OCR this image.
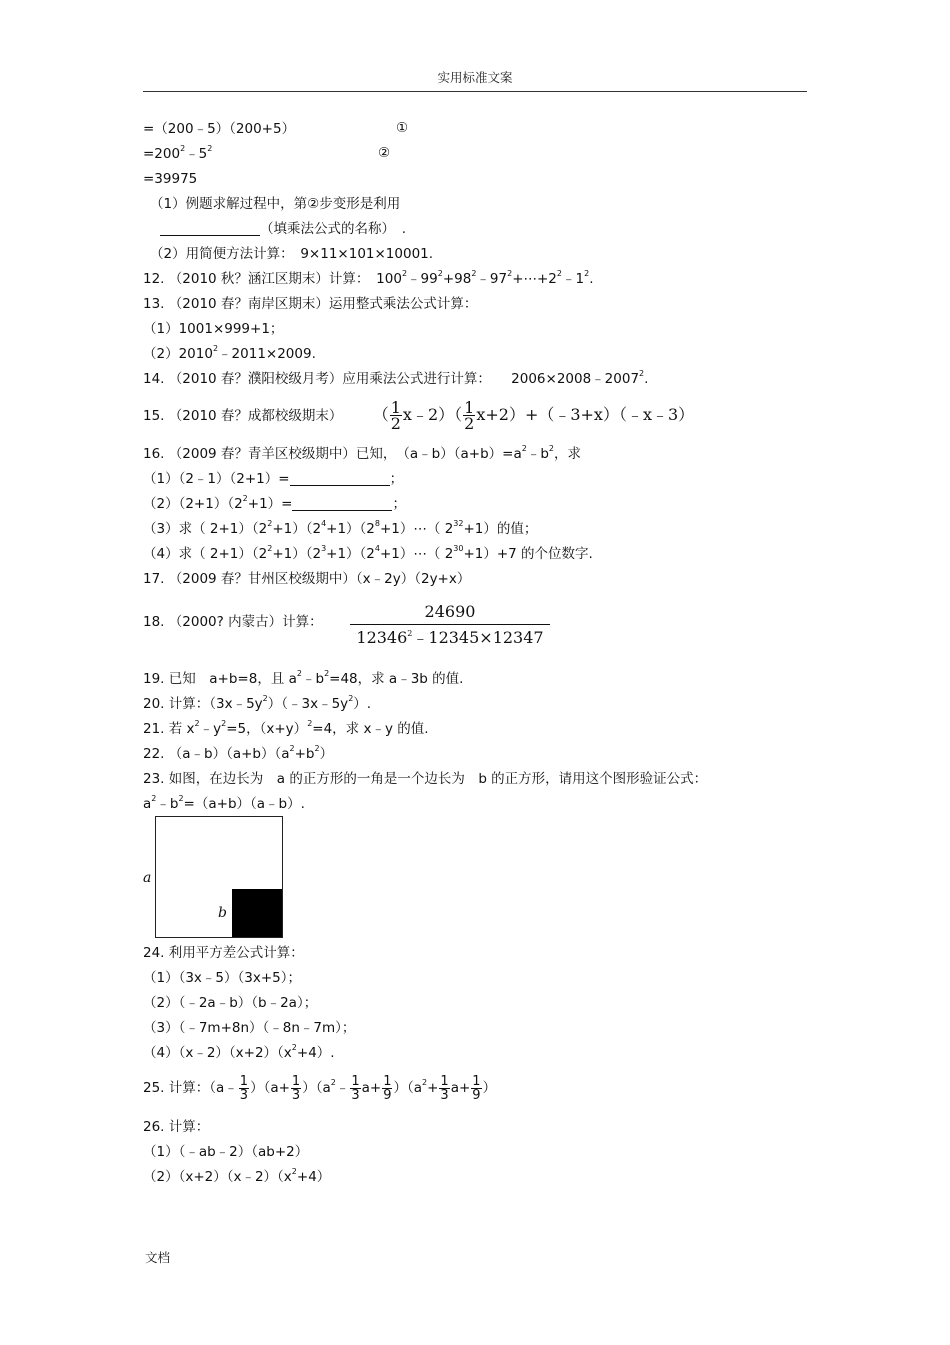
实用标准文案
=（200﹣5）（200+5）	①
$=200^2﹣5^2$	②
=39975
（1）例题求解过程中，第②步变形是利用
（填乘法公式的名称）　.
（2）用简便方法计算：　9×11×101×10001.
12. （2010 秋？涵江区期末）计算：　$100^2﹣99^2+98^2﹣97^2+\cdots+2^2﹣1^2$.
13. （2010 春？南岸区期末）运用整式乘法公式计算：
（1）1001×999+1；
$(2)2010^2﹣2011\times 2009$.
14. （2010 春？濮阳校级月考）应用乘法公式进行计算：　　$2006\times 2008﹣2007^2$.
15. （2010 春？成都校级期末） （ $\frac{1}{2}$ x﹣2）（ $\frac{1}{2}$ x+2）+（﹣3+x）（﹣x﹣3）
16. （2009 春？青羊区校级期中）已知，　$(a﹣b)(a+b)=a^2﹣b^2$，求
（1）（2﹣1）（2+1）=	；
$(2)(2+1)(2^2+1)=$	；
（3）求（ $2+1)(2^2+1)(2^4+1)(2^8+1)\cdots$（ $2^{32}+1$）的值；
（4）求（ $2+1)(2^2+1)(2^3+1)(2^4+1)\cdots$（ $2^{30}+1)+7$ 的个位数字.
17. （2009 春？甘州区校级期中）（x﹣2y）（2y+x）
18. （2000? 内蒙古）计算：
24690
$12346^2﹣12345\times 12347$
19. 已知　a+b=8，且 $a^2﹣b^2=48$，求 a﹣3b 的值.
20. 计算：$(3x﹣5y^2)(﹣3x﹣5y^2)$.
21. 若 $x^2﹣y^2=5$，$(x+y)^2=4$，求 x﹣y 的值.
22. $(a﹣b)(a+b)(a^2+b^2)$
23. 如图，在边长为　a 的正方形的一角是一个边长为　b 的正方形，请用这个图形验证公式：
$a^2﹣b^2=(a+b)(a﹣b)$.
a
b
24. 利用平方差公式计算：
（1）（3x﹣5）（3x+5）；
（2）（﹣2a﹣b）（b﹣2a）；
（3）（﹣7m+8n）（﹣8n﹣7m）；
$(4)(x﹣2)(x+2)(x^2+4)$.
25. 计算：（a﹣ $\frac{1}{3} )(a+ \frac{1}{3}$ ）$(a^2﹣ \frac{1}{3} a+ \frac{1}{9} )(a^2+ \frac{1}{3} a+ \frac{1}{9}$ ）
26. 计算：
（1）（﹣ab﹣2）（ab+2）
$(2)(x+2)(x﹣2)(x^2+4)$
文档
